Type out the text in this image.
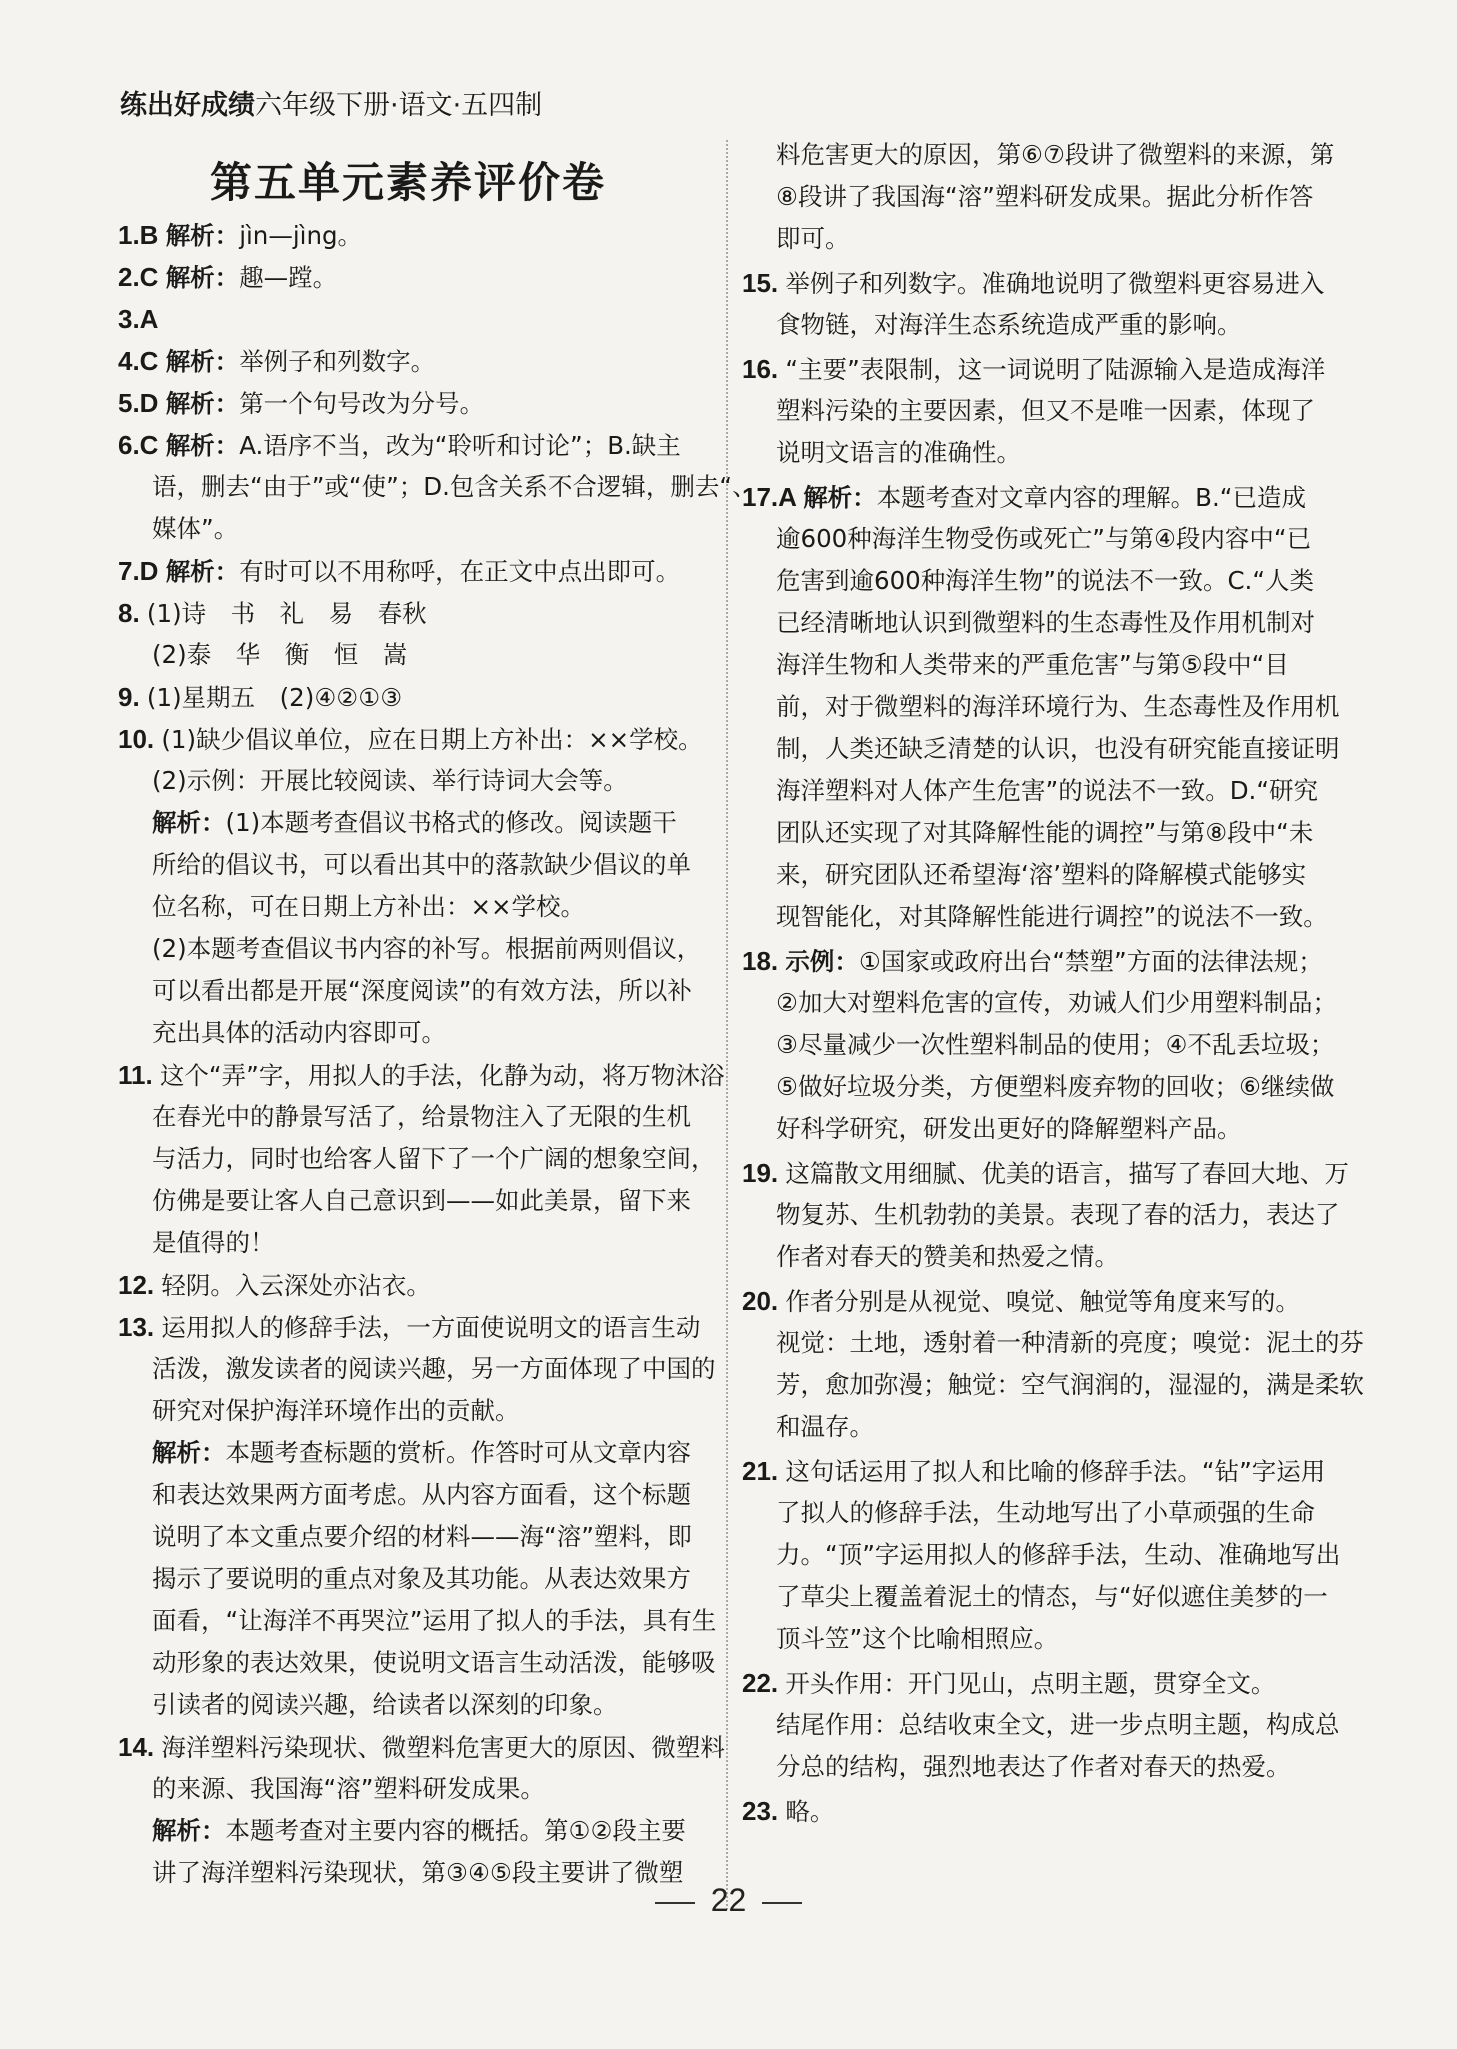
练出好成绩六年级下册·语文·五四制
第五单元素养评价卷
1.B 解析：jìn—jìng。
2.C 解析：趣—蹚。
3.A
4.C 解析：举例子和列数字。
5.D 解析：第一个句号改为分号。
6.C 解析：A.语序不当，改为“聆听和讨论”；B.缺主
语，删去“由于”或“使”；D.包含关系不合逻辑，删去“、
媒体”。
7.D 解析：有时可以不用称呼，在正文中点出即可。
8. (1)诗　书　礼　易　春秋
(2)泰　华　衡　恒　嵩
9. (1)星期五　(2)④②①③
10. (1)缺少倡议单位，应在日期上方补出：××学校。
(2)示例：开展比较阅读、举行诗词大会等。
解析：(1)本题考查倡议书格式的修改。阅读题干
所给的倡议书，可以看出其中的落款缺少倡议的单
位名称，可在日期上方补出：××学校。
(2)本题考查倡议书内容的补写。根据前两则倡议，
可以看出都是开展“深度阅读”的有效方法，所以补
充出具体的活动内容即可。
11. 这个“弄”字，用拟人的手法，化静为动，将万物沐浴
在春光中的静景写活了，给景物注入了无限的生机
与活力，同时也给客人留下了一个广阔的想象空间，
仿佛是要让客人自己意识到——如此美景，留下来
是值得的！
12. 轻阴。入云深处亦沾衣。
13. 运用拟人的修辞手法，一方面使说明文的语言生动
活泼，激发读者的阅读兴趣，另一方面体现了中国的
研究对保护海洋环境作出的贡献。
解析：本题考查标题的赏析。作答时可从文章内容
和表达效果两方面考虑。从内容方面看，这个标题
说明了本文重点要介绍的材料——海“溶”塑料，即
揭示了要说明的重点对象及其功能。从表达效果方
面看，“让海洋不再哭泣”运用了拟人的手法，具有生
动形象的表达效果，使说明文语言生动活泼，能够吸
引读者的阅读兴趣，给读者以深刻的印象。
14. 海洋塑料污染现状、微塑料危害更大的原因、微塑料
的来源、我国海“溶”塑料研发成果。
解析：本题考查对主要内容的概括。第①②段主要
讲了海洋塑料污染现状，第③④⑤段主要讲了微塑
料危害更大的原因，第⑥⑦段讲了微塑料的来源，第
⑧段讲了我国海“溶”塑料研发成果。据此分析作答
即可。
15. 举例子和列数字。准确地说明了微塑料更容易进入
食物链，对海洋生态系统造成严重的影响。
16. “主要”表限制，这一词说明了陆源输入是造成海洋
塑料污染的主要因素，但又不是唯一因素，体现了
说明文语言的准确性。
17.A 解析：本题考查对文章内容的理解。B.“已造成
逾600种海洋生物受伤或死亡”与第④段内容中“已
危害到逾600种海洋生物”的说法不一致。C.“人类
已经清晰地认识到微塑料的生态毒性及作用机制对
海洋生物和人类带来的严重危害”与第⑤段中“目
前，对于微塑料的海洋环境行为、生态毒性及作用机
制，人类还缺乏清楚的认识，也没有研究能直接证明
海洋塑料对人体产生危害”的说法不一致。D.“研究
团队还实现了对其降解性能的调控”与第⑧段中“未
来，研究团队还希望海‘溶’塑料的降解模式能够实
现智能化，对其降解性能进行调控”的说法不一致。
18. 示例：①国家或政府出台“禁塑”方面的法律法规；
②加大对塑料危害的宣传，劝诫人们少用塑料制品；
③尽量减少一次性塑料制品的使用；④不乱丢垃圾；
⑤做好垃圾分类，方便塑料废弃物的回收；⑥继续做
好科学研究，研发出更好的降解塑料产品。
19. 这篇散文用细腻、优美的语言，描写了春回大地、万
物复苏、生机勃勃的美景。表现了春的活力，表达了
作者对春天的赞美和热爱之情。
20. 作者分别是从视觉、嗅觉、触觉等角度来写的。
视觉：土地，透射着一种清新的亮度；嗅觉：泥土的芬
芳，愈加弥漫；触觉：空气润润的，湿湿的，满是柔软
和温存。
21. 这句话运用了拟人和比喻的修辞手法。“钻”字运用
了拟人的修辞手法，生动地写出了小草顽强的生命
力。“顶”字运用拟人的修辞手法，生动、准确地写出
了草尖上覆盖着泥土的情态，与“好似遮住美梦的一
顶斗笠”这个比喻相照应。
22. 开头作用：开门见山，点明主题，贯穿全文。
结尾作用：总结收束全文，进一步点明主题，构成总
分总的结构，强烈地表达了作者对春天的热爱。
23. 略。
22
